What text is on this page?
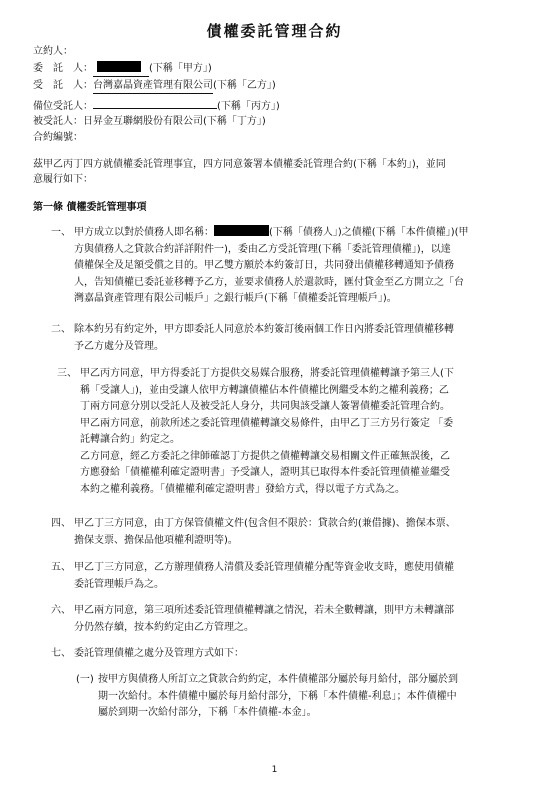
債權委託管理合約
立約人：
委　託　人：	(下稱「甲方」)
受　託　人：台灣嘉晶資產管理有限公司(下稱「乙方」)
備位受託人：	(下稱「丙方」)
被受託人：日昇金互聯網股份有限公司(下稱「丁方」)
合約編號：
茲甲乙丙丁四方就債權委託管理事宜，四方同意簽署本債權委託管理合約(下稱「本約」)，並同
意履行如下：
第一條 債權委託管理事項
一、 甲方成立以對於債務人即名稱：	(下稱「債務人」)之債權(下稱「本件債權」)(甲
方與債務人之貸款合約詳詳附件一)，委由乙方受託管理(下稱「委託管理債權」)，以達
債權保全及足額受償之目的。甲乙雙方願於本約簽訂日，共同發出債權移轉通知予債務
人，告知債權已委託並移轉予乙方，並要求債務人於還款時，匯付貸金至乙方開立之「台
灣嘉晶資產管理有限公司帳戶」之銀行帳戶(下稱「債權委託管理帳戶」)。
二、 除本約另有約定外，甲方即委託人同意於本約簽訂後兩個工作日內將委託管理債權移轉
予乙方處分及管理。
三、 甲乙丙方同意，甲方得委託丁方提供交易媒合服務，將委託管理債權轉讓予第三人(下
稱「受讓人」)，並由受讓人依甲方轉讓債權佔本件債權比例繼受本約之權利義務；乙
丁兩方同意分別以受託人及被受託人身分，共同與該受讓人簽署債權委託管理合約。
甲乙兩方同意，前款所述之委託管理債權轉讓交易條件，由甲乙丁三方另行簽定 「委
託轉讓合約」約定之。
乙方同意，經乙方委託之律師確認丁方提供之債權轉讓交易相關文件正確無誤後，乙
方應發給「債權權利確定證明書」予受讓人，證明其已取得本件委託管理債權並繼受
本約之權利義務。「債權權利確定證明書」發給方式，得以電子方式為之。
四、 甲乙丁三方同意，由丁方保管債權文件(包含但不限於：貸款合約(兼借據)、擔保本票、
擔保支票、擔保品他項權利證明等)。
五、 甲乙丁三方同意，乙方辦理債務人清償及委託管理債權分配等資金收支時，應使用債權
委託管理帳戶為之。
六、 甲乙兩方同意，第三項所述委託管理債權轉讓之情況，若未全數轉讓，則甲方未轉讓部
分仍然存續，按本約約定由乙方管理之。
七、 委託管理債權之處分及管理方式如下：
(一) 按甲方與債務人所訂立之貸款合約約定，本件債權部分屬於每月給付，部分屬於到
期一次給付。本件債權中屬於每月給付部分，下稱「本件債權-利息」；本件債權中
屬於到期一次給付部分，下稱「本件債權-本金」。
1
